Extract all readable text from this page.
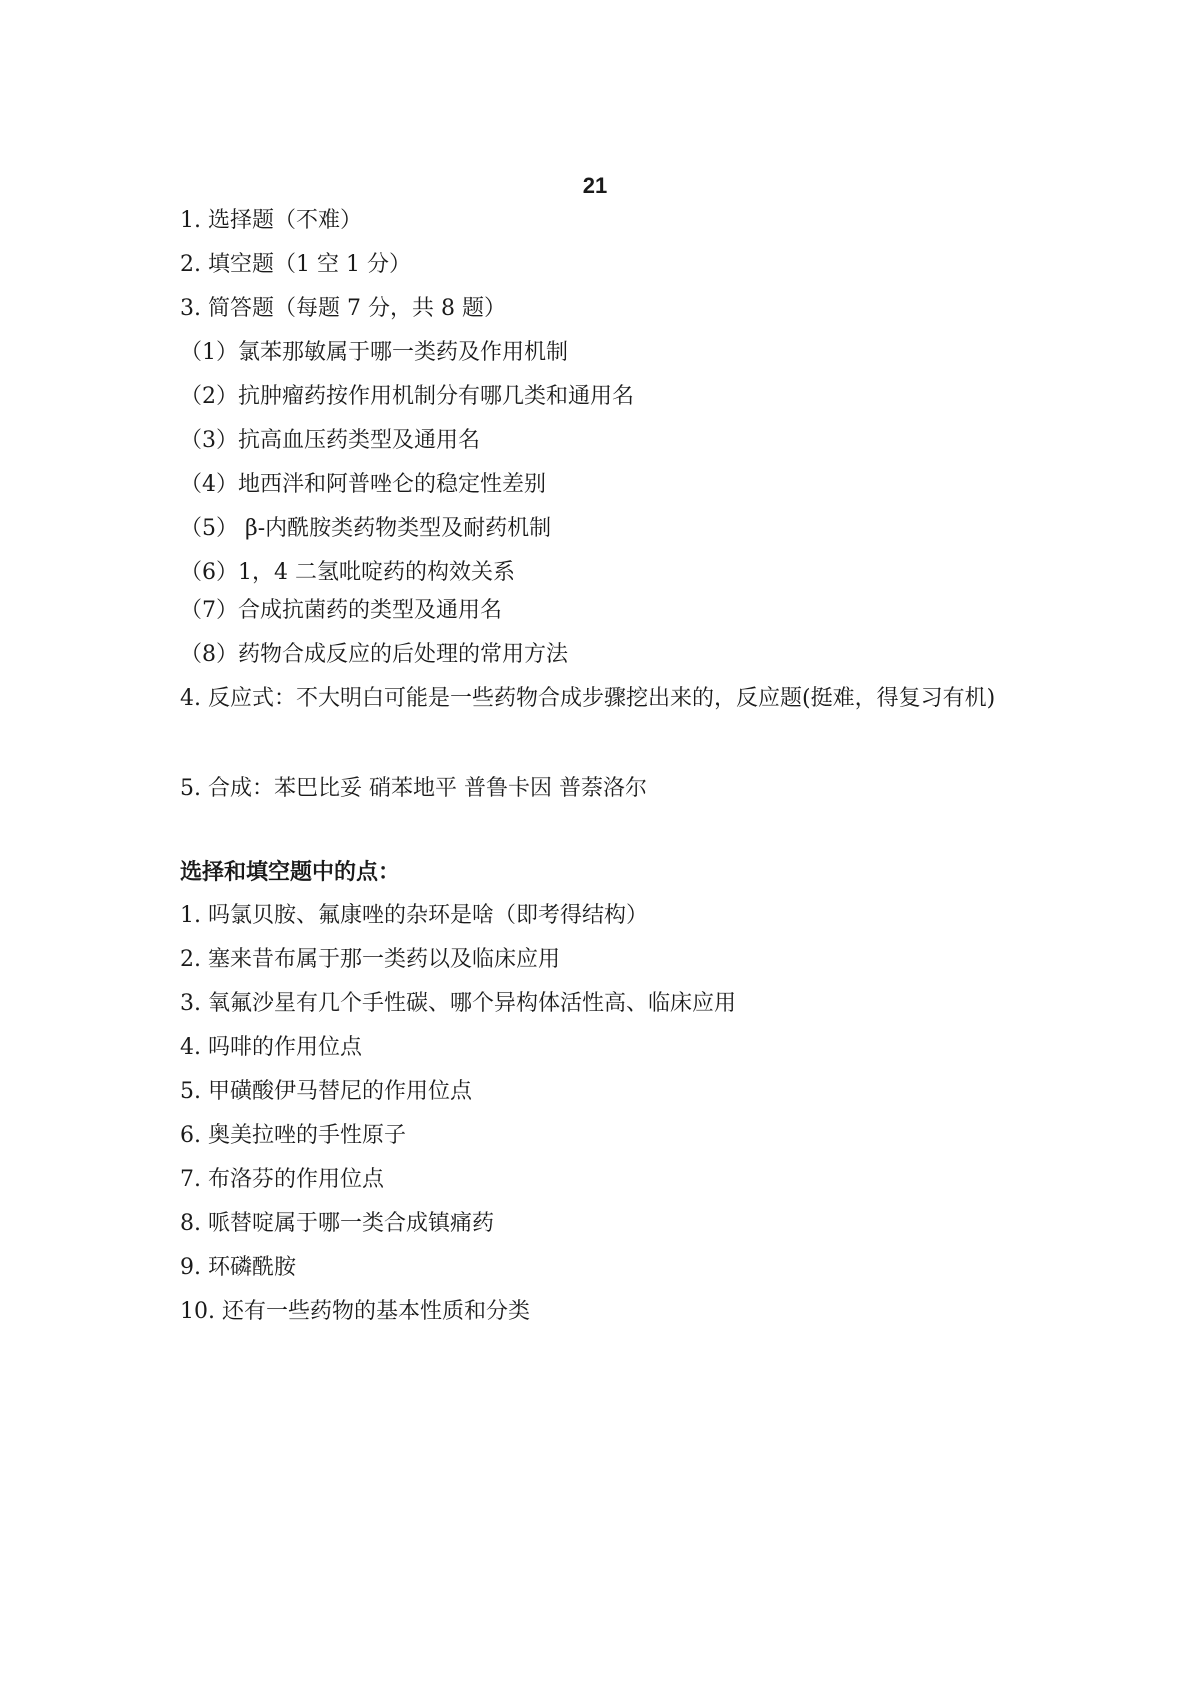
21
1. 选择题（不难）
2. 填空题（1 空 1 分）
3. 简答题（每题 7 分，共 8 题）
（1）氯苯那敏属于哪一类药及作用机制
（2）抗肿瘤药按作用机制分有哪几类和通用名
（3）抗高血压药类型及通用名
（4）地西泮和阿普唑仑的稳定性差别
（5） β-内酰胺类药物类型及耐药机制
（6）1，4 二氢吡啶药的构效关系
（7）合成抗菌药的类型及通用名
（8）药物合成反应的后处理的常用方法
4. 反应式：不大明白可能是一些药物合成步骤挖出来的，反应题(挺难，得复习有机)
5. 合成：苯巴比妥 硝苯地平 普鲁卡因 普萘洛尔
选择和填空题中的点：
1. 吗氯贝胺、氟康唑的杂环是啥（即考得结构）
2. 塞来昔布属于那一类药以及临床应用
3. 氧氟沙星有几个手性碳、哪个异构体活性高、临床应用
4. 吗啡的作用位点
5. 甲磺酸伊马替尼的作用位点
6. 奥美拉唑的手性原子
7. 布洛芬的作用位点
8. 哌替啶属于哪一类合成镇痛药
9. 环磷酰胺
10. 还有一些药物的基本性质和分类
